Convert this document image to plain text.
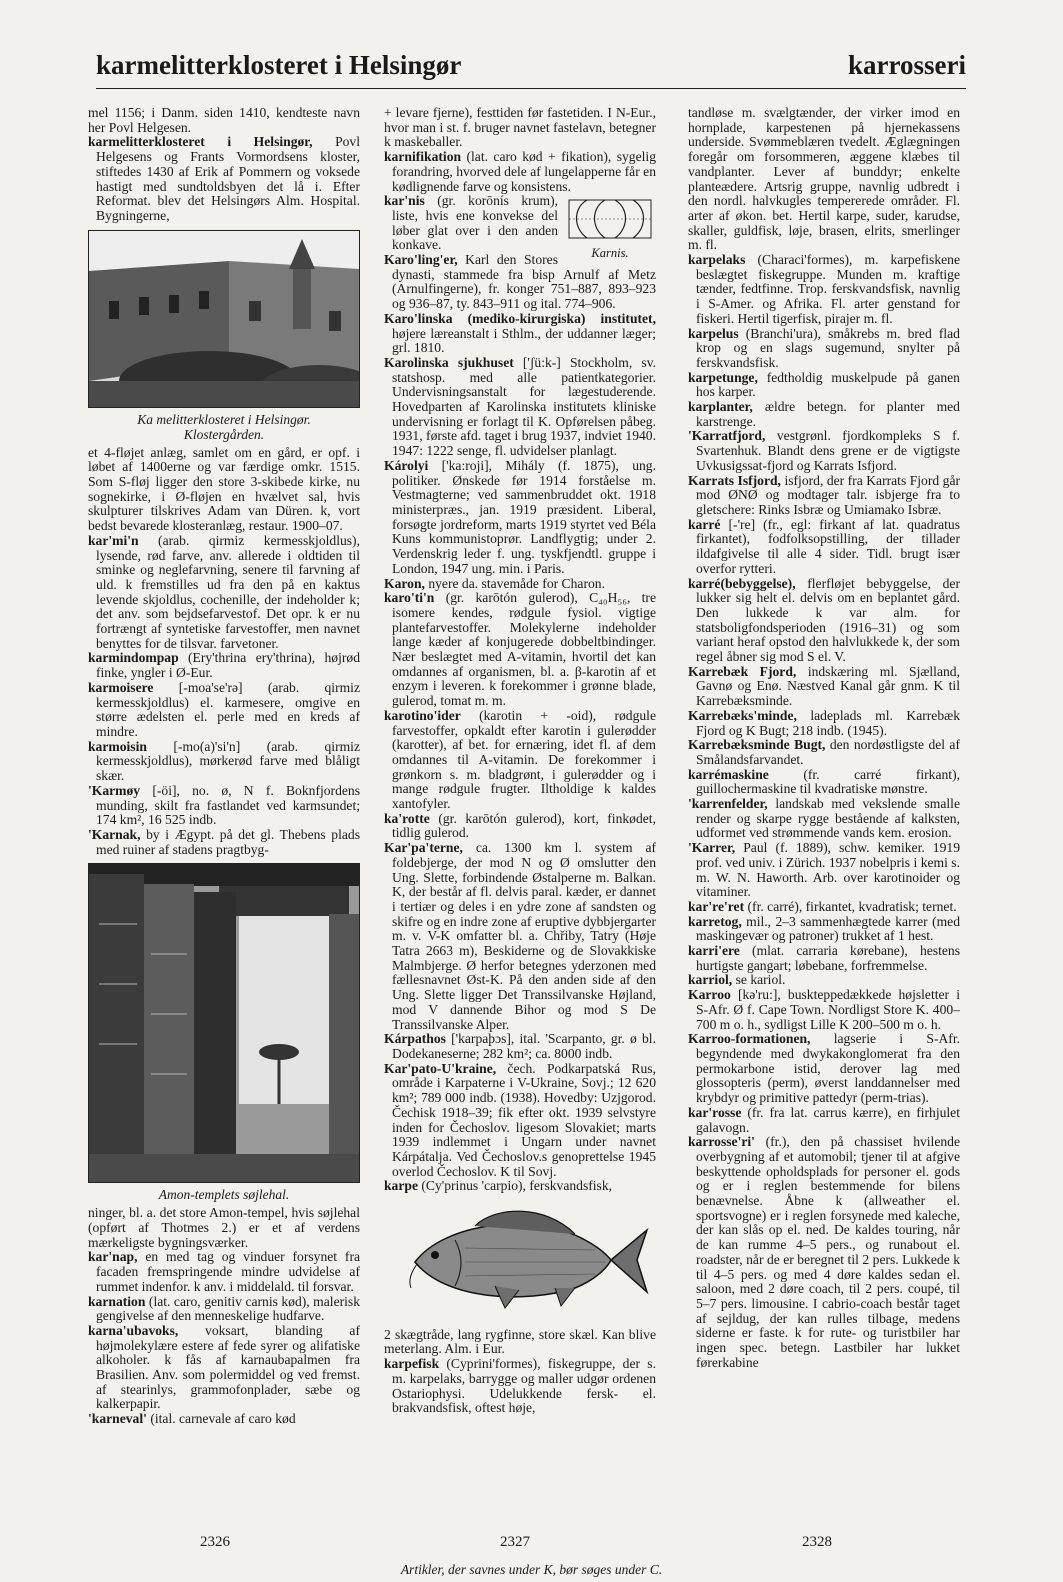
karmelitterklosteret i Helsingør	karrosseri

mel 1156; i Danm. siden 1410, kendteste navn her Povl Helgesen.

karmelitterklosteret i Helsingør, Povl Helgesens og Frants Vormordsens kloster, stiftedes 1430 af Erik af Pommern og voksede hastigt med sundtoldsbyen det lå i. Efter Reformat. blev det Helsingørs Alm. Hospital. Bygningerne,

Ka melitterklosteret i Helsingør.
Klostergården.

et 4-fløjet anlæg, samlet om en gård, er opf. i løbet af 1400erne og var færdige omkr. 1515. Som S-fløj ligger den store 3-skibede kirke, nu sognekirke, i Ø-fløjen en hvælvet sal, hvis skulpturer tilskrives Adam van Düren. k, vort bedst bevarede klosteranlæg, restaur. 1900–07.

kar'mi'n (arab. qirmiz kermesskjoldlus), lysende, rød farve, anv. allerede i oldtiden til sminke og neglefarvning, senere til farvning af uld. k fremstilles ud fra den på en kaktus levende skjoldlus, cochenille, der indeholder k; det anv. som bejdsefarvestof. Det opr. k er nu fortrængt af syntetiske farvestoffer, men navnet benyttes for de tilsvar. farvetoner.

karmindompap (Ery'thrina ery'thrina), højrød finke, yngler i Ø-Eur.

karmoisere [-moa'se'rə] (arab. qirmiz kermesskjoldlus) el. karmesere, omgive en større ædelsten el. perle med en kreds af mindre.

karmoisin [-mo(a)'si'n] (arab. qirmiz kermesskjoldlus), mørkerød farve med blåligt skær.

'Karmøy [-öi], no. ø, N f. Boknfjordens munding, skilt fra fastlandet ved karmsundet; 174 km², 16 525 indb.

'Karnak, by i Ægypt. på det gl. Thebens plads med ruiner af stadens pragtbyg-

Amon-templets søjlehal.

ninger, bl. a. det store Amon-tempel, hvis søjlehal (opført af Thotmes 2.) er et af verdens mærkeligste bygningsværker.

kar'nap, en med tag og vinduer forsynet fra facaden fremspringende mindre udvidelse af rummet indenfor. k anv. i middelald. til forsvar.

karnation (lat. caro, genitiv carnis kød), malerisk gengivelse af den menneskelige hudfarve.

karna'ubavoks, voksart, blanding af højmolekylære estere af fede syrer og alifatiske alkoholer. k fås af karnaubapalmen fra Brasilien. Anv. som polermiddel og ved fremst. af stearinlys, grammofonplader, sæbe og kalkerpapir.

'karneval' (ital. carnevale af caro kød

+ levare fjerne), festtiden før fastetiden. I N-Eur., hvor man i st. f. bruger navnet fastelavn, betegner k maskeballer.

karnifikation (lat. caro kød + fikation), sygelig forandring, hvorved dele af lungelapperne får en kødlignende farve og konsistens.

Karnis.

kar'nis (gr. korōnís krum), liste, hvis ene konvekse del løber glat over i den anden konkave.

Karo'ling'er, Karl den Stores dynasti, stammede fra bisp Arnulf af Metz (Arnulfingerne), fr. konger 751–887, 893–923 og 936–87, ty. 843–911 og ital. 774–906.

Karo'linska (mediko-kirurgiska) institutet, højere læreanstalt i Sthlm., der uddanner læger; grl. 1810.

Karolinska sjukhuset ['ʃü:k-] Stockholm, sv. statshosp. med alle patientkategorier. Undervisningsanstalt for lægestuderende. Hovedparten af Karolinska institutets kliniske undervisning er forlagt til K. Opførelsen påbeg. 1931, første afd. taget i brug 1937, indviet 1940. 1947: 1222 senge, fl. udvidelser planlagt.

Károlyi ['ka:roji], Mihály (f. 1875), ung. politiker. Ønskede før 1914 forståelse m. Vestmagterne; ved sammenbruddet okt. 1918 ministerpræs., jan. 1919 præsident. Liberal, forsøgte jordreform, marts 1919 styrtet ved Béla Kuns kommunistoprør. Landflygtig; under 2. Verdenskrig leder f. ung. tyskfjendtl. gruppe i London, 1947 ung. min. i Paris.

Karon, nyere da. stavemåde for Charon.

karo'ti'n (gr. karōtón gulerod), C₄₀H₅₆, tre isomere kendes, rødgule fysiol. vigtige plantefarvestoffer. Molekylerne indeholder lange kæder af konjugerede dobbeltbindinger. Nær beslægtet med A-vitamin, hvortil det kan omdannes af organismen, bl. a. β-karotin af et enzym i leveren. k forekommer i grønne blade, gulerod, tomat m. m.

karotino'ider (karotin + -oid), rødgule farvestoffer, opkaldt efter karotin i gulerødder (karotter), af bet. for ernæring, idet fl. af dem omdannes til A-vitamin. De forekommer i grønkorn s. m. bladgrønt, i gulerødder og i mange rødgule frugter. Iltholdige k kaldes xantofyler.

ka'rotte (gr. karōtón gulerod), kort, finkødet, tidlig gulerod.

Kar'pa'terne, ca. 1300 km l. system af foldebjerge, der mod N og Ø omslutter den Ung. Slette, forbindende Østalperne m. Balkan. K, der består af fl. delvis paral. kæder, er dannet i tertiær og deles i en ydre zone af sandsten og skifre og en indre zone af eruptive dybbjergarter m. v. V-K omfatter bl. a. Chřiby, Tatry (Høje Tatra 2663 m), Beskiderne og de Slovakkiske Malmbjerge. Ø herfor betegnes yderzonen med fællesnavnet Øst-K. På den anden side af den Ung. Slette ligger Det Transsilvanske Højland, mod V dannende Bihor og mod S De Transsilvanske Alper.

Kárpathos ['karpaþɔs], ital. 'Scarpanto, gr. ø bl. Dodekaneserne; 282 km²; ca. 8000 indb.

Kar'pato-U'kraine, čech. Podkarpatská Rus, område i Karpaterne i V-Ukraine, Sovj.; 12 620 km²; 789 000 indb. (1938). Hovedby: Uzjgorod. Čechisk 1918–39; fik efter okt. 1939 selvstyre inden for Čechoslov. ligesom Slovakiet; marts 1939 indlemmet i Ungarn under navnet Kárpátalja. Ved Čechoslov.s genoprettelse 1945 overlod Čechoslov. K til Sovj.

karpe (Cy'prinus 'carpio), ferskvandsfisk,

2 skægtråde, lang rygfinne, store skæl. Kan blive meterlang. Alm. i Eur.

karpefisk (Cyprini'formes), fiskegruppe, der s. m. karpelaks, barrygge og maller udgør ordenen Ostariophysi. Udelukkende fersk- el. brakvandsfisk, oftest høje,

tandløse m. svælgtænder, der virker imod en hornplade, karpestenen på hjernekassens underside. Svømmeblæren tvedelt. Æglægningen foregår om forsommeren, æggene klæbes til vandplanter. Lever af bunddyr; enkelte planteædere. Artsrig gruppe, navnlig udbredt i den nordl. halvkugles tempererede områder. Fl. arter af økon. bet. Hertil karpe, suder, karudse, skaller, guldfisk, løje, brasen, elrits, smerlinger m. fl.

karpelaks (Characi'formes), m. karpefiskene beslægtet fiskegruppe. Munden m. kraftige tænder, fedtfinne. Trop. ferskvandsfisk, navnlig i S-Amer. og Afrika. Fl. arter genstand for fiskeri. Hertil tigerfisk, pirajer m. fl.

karpelus (Branchi'ura), småkrebs m. bred flad krop og en slags sugemund, snylter på ferskvandsfisk.

karpetunge, fedtholdig muskelpude på ganen hos karper.

karplanter, ældre betegn. for planter med karstrenge.

'Karratfjord, vestgrønl. fjordkompleks S f. Svartenhuk. Blandt dens grene er de vigtigste Uvkusigssat-fjord og Karrats Isfjord.

Karrats Isfjord, isfjord, der fra Karrats Fjord går mod ØNØ og modtager talr. isbjerge fra to gletschere: Rinks Isbræ og Umiamako Isbræ.

karré [-'re] (fr., egl: firkant af lat. quadratus firkantet), fodfolksopstilling, der tillader ildafgivelse til alle 4 sider. Tidl. brugt især overfor rytteri.

karré(bebyggelse), flerfløjet bebyggelse, der lukker sig helt el. delvis om en beplantet gård. Den lukkede k var alm. for statsboligfondsperioden (1916–31) og som variant heraf opstod den halvlukkede k, der som regel åbner sig mod S el. V.

Karrebæk Fjord, indskæring ml. Sjælland, Gavnø og Enø. Næstved Kanal går gnm. K til Karrebæksminde.

Karrebæks'minde, ladeplads ml. Karrebæk Fjord og K Bugt; 218 indb. (1945).

Karrebæksminde Bugt, den nordøstligste del af Smålandsfarvandet.

karrémaskine	(fr. carré firkant), guillochermaskine til kvadratiske mønstre.

'karrenfelder, landskab med vekslende smalle render og skarpe rygge bestående af kalksten, udformet ved strømmende vands kem. erosion.

'Karrer, Paul (f. 1889), schw. kemiker. 1919 prof. ved univ. i Zürich. 1937 nobelpris i kemi s. m. W. N. Haworth. Arb. over karotinoider og vitaminer.

kar're'ret (fr. carré), firkantet, kvadratisk; ternet.

karretog, mil., 2–3 sammenhægtede karrer (med maskingevær og patroner) trukket af 1 hest.

karri'ere (mlat. carraria kørebane), hestens hurtigste gangart; løbebane, forfremmelse.

karriol, se kariol.

Karroo [kə'ru:], buskteppedækkede højsletter i S-Afr. Ø f. Cape Town. Nordligst Store K. 400–700 m o. h., sydligst Lille K 200–500 m o. h.

Karroo-formationen, lagserie i S-Afr. begyndende med dwykakonglomerat fra den permokarbone istid, derover lag med glossopteris (perm), øverst landdannelser med krybdyr og primitive pattedyr (perm-trias).

kar'rosse (fr. fra lat. carrus kærre), en firhjulet galavogn.

karrosse'ri' (fr.), den på chassiset hvilende overbygning af et automobil; tjener til at afgive beskyttende opholdsplads for personer el. gods og er i reglen bestemmende for bilens benævnelse. Åbne k (allweather el. sportsvogne) er i reglen forsynede med kaleche, der kan slås op el. ned. De kaldes touring, når de kan rumme 4–5 pers., og runabout el. roadster, når de er beregnet til 2 pers. Lukkede k til 4–5 pers. og med 4 døre kaldes sedan el. saloon, med 2 døre coach, til 2 pers. coupé, til 5–7 pers. limousine. I cabrio-coach består taget af sejldug, der kan rulles tilbage, medens siderne er faste. k for rute- og turistbiler har ingen spec. betegn. Lastbiler har lukket førerkabine

2326	2327	2328
Artikler, der savnes under K, bør søges under C.
